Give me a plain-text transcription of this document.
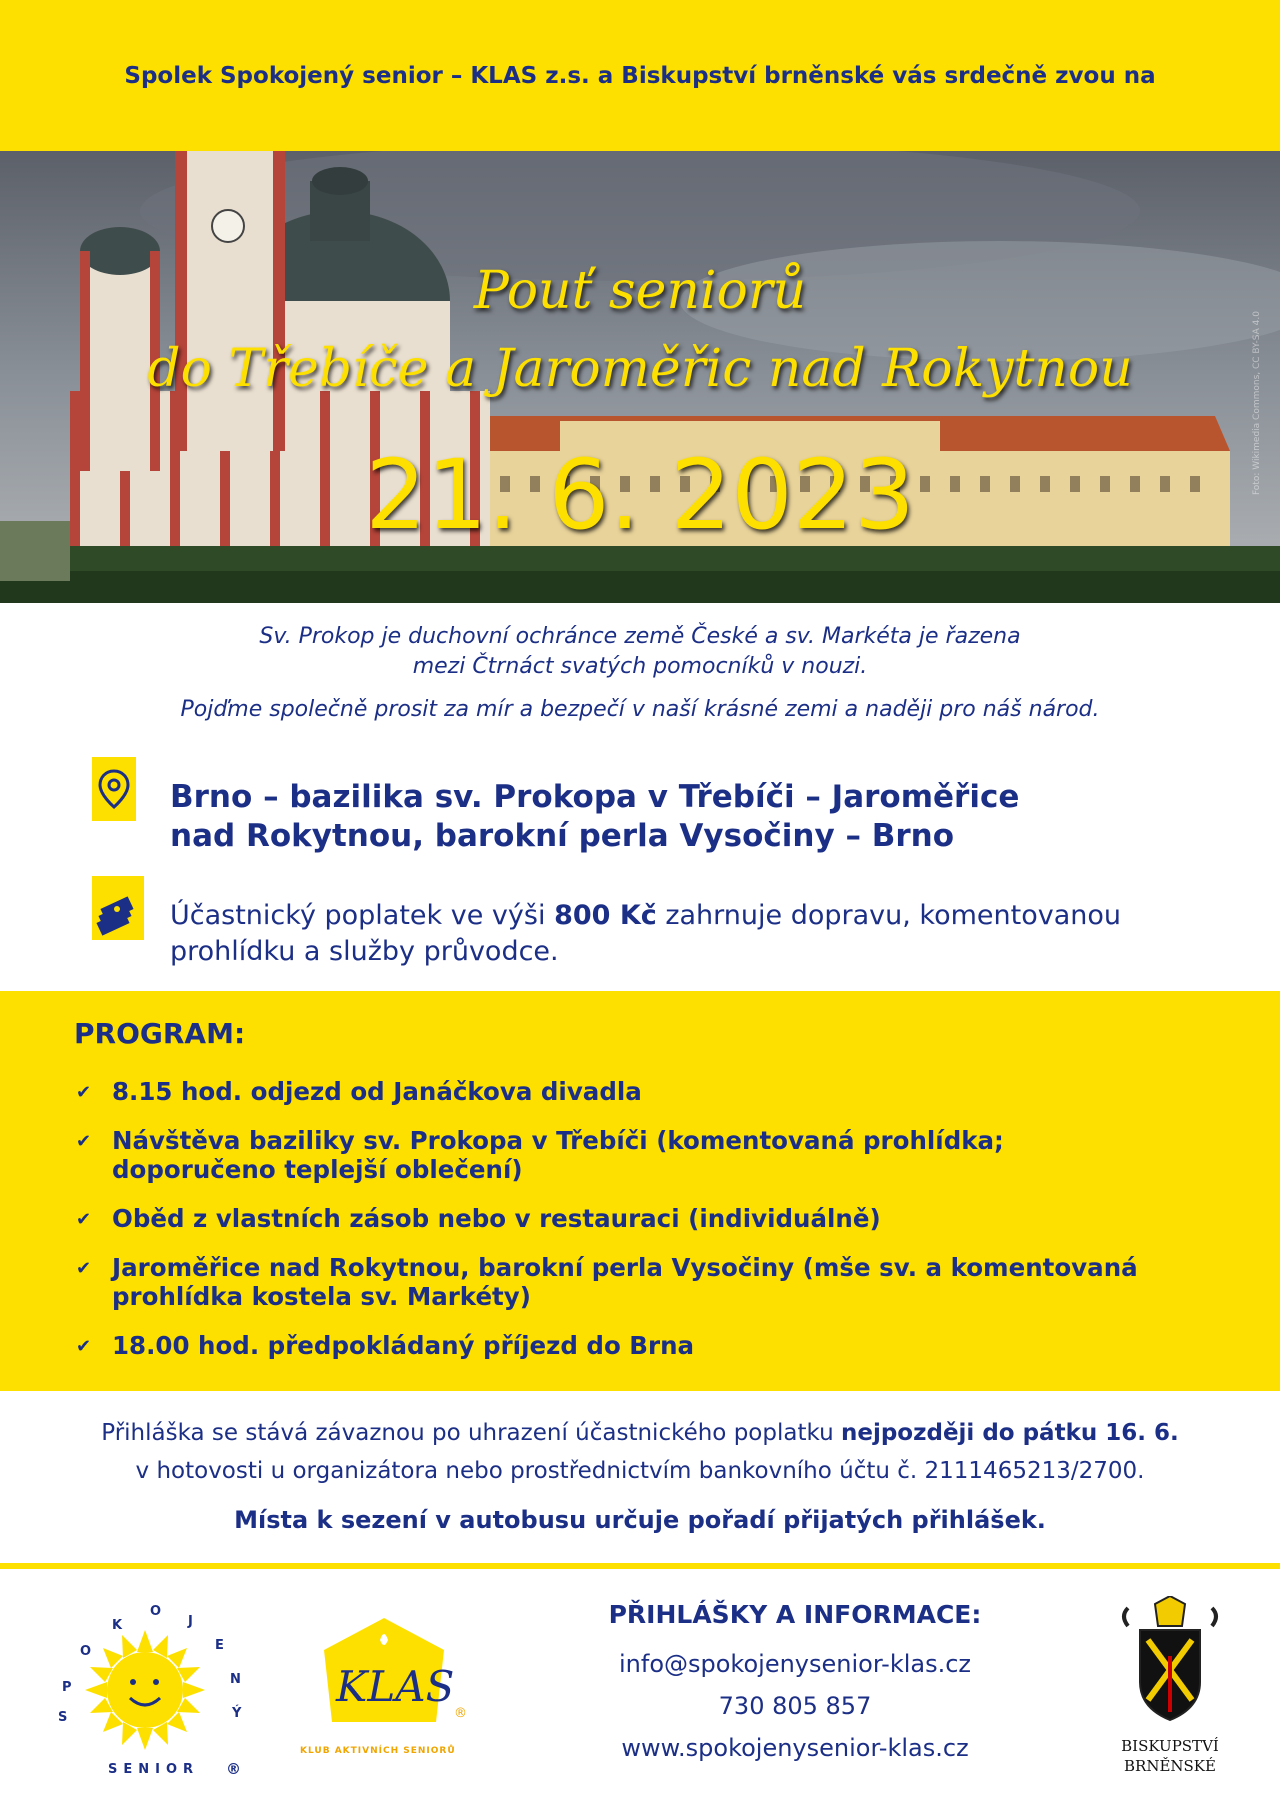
Spolek Spokojený senior – KLAS z.s. a Biskupství brněnské vás srdečně zvou na
Pouť seniorů
do Třebíče a Jaroměřic nad Rokytnou
21. 6. 2023	Foto: Wikimedia Commons, CC BY-SA 4.0
Sv. Prokop je duchovní ochránce země České a sv. Markéta je řazena
mezi Čtrnáct svatých pomocníků v nouzi.
Pojďme společně prosit za mír a bezpečí v naší krásné zemi a naději pro náš národ.
Brno – bazilika sv. Prokopa v Třebíči – Jaroměřice
nad Rokytnou, barokní perla Vysočiny – Brno
Účastnický poplatek ve výši 800 Kč zahrnuje dopravu, komentovanou
prohlídku a služby průvodce.
PROGRAM:
✔ 8.15 hod. odjezd od Janáčkova divadla
✔ Návštěva baziliky sv. Prokopa v Třebíči (komentovaná prohlídka;
doporučeno teplejší oblečení)
✔ Oběd z vlastních zásob nebo v restauraci (individuálně)
✔ Jaroměřice nad Rokytnou, barokní perla Vysočiny (mše sv. a komentovaná
prohlídka kostela sv. Markéty)
✔ 18.00 hod. předpokládaný příjezd do Brna
Přihláška se stává závaznou po uhrazení účastnického poplatku nejpozději do pátku 16. 6.
v hotovosti u organizátora nebo prostřednictvím bankovního účtu č. 2111465213/2700.
Místa k sezení v autobusu určuje pořadí přijatých přihlášek.
S
P
O
K
O
J
E
N
Ý
SENIOR ®
KLAS
®
KLUB AKTIVNÍCH SENIORŮ
PŘIHLÁŠKY A INFORMACE:
info@spokojenysenior-klas.cz
730 805 857
www.spokojenysenior-klas.cz	BISKUPSTVÍ
BRNĚNSKÉ
